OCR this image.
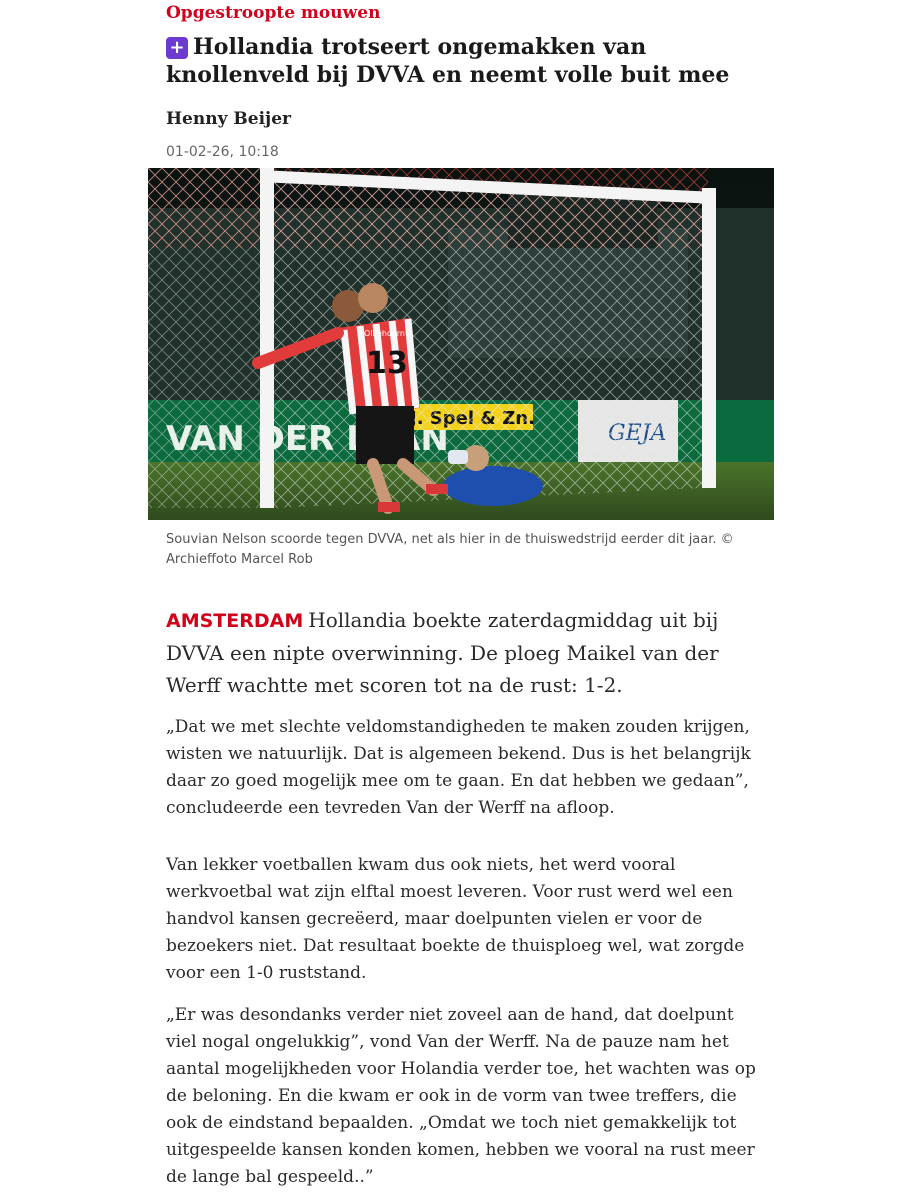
Opgestroopte mouwen
+ Hollandia trotseert ongemakken van knollenveld bij DVVA en neemt volle buit mee
Henny Beijer
01-02-26, 10:18
13
Olliehoorn
Souvian Nelson scoorde tegen DVVA, net als hier in de thuiswedstrijd eerder dit jaar. © Archieffoto Marcel Rob
AMSTERDAM Hollandia boekte zaterdagmiddag uit bij DVVA een nipte overwinning. De ploeg Maikel van der Werff wachtte met scoren tot na de rust: 1-2.
„Dat we met slechte veldomstandigheden te maken zouden krijgen, wisten we natuurlijk. Dat is algemeen bekend. Dus is het belangrijk daar zo goed mogelijk mee om te gaan. En dat hebben we gedaan”, concludeerde een tevreden Van der Werff na afloop.
Van lekker voetballen kwam dus ook niets, het werd vooral werkvoetbal wat zijn elftal moest leveren. Voor rust werd wel een handvol kansen gecreëerd, maar doelpunten vielen er voor de bezoekers niet. Dat resultaat boekte de thuisploeg wel, wat zorgde voor een 1-0 ruststand.
„Er was desondanks verder niet zoveel aan de hand, dat doelpunt viel nogal ongelukkig”, vond Van der Werff. Na de pauze nam het aantal mogelijkheden voor Holandia verder toe, het wachten was op de beloning. En die kwam er ook in de vorm van twee treffers, die ook de eindstand bepaalden. „Omdat we toch niet gemakkelijk tot uitgespeelde kansen konden komen, hebben we vooral na rust meer de lange bal gespeeld..”
